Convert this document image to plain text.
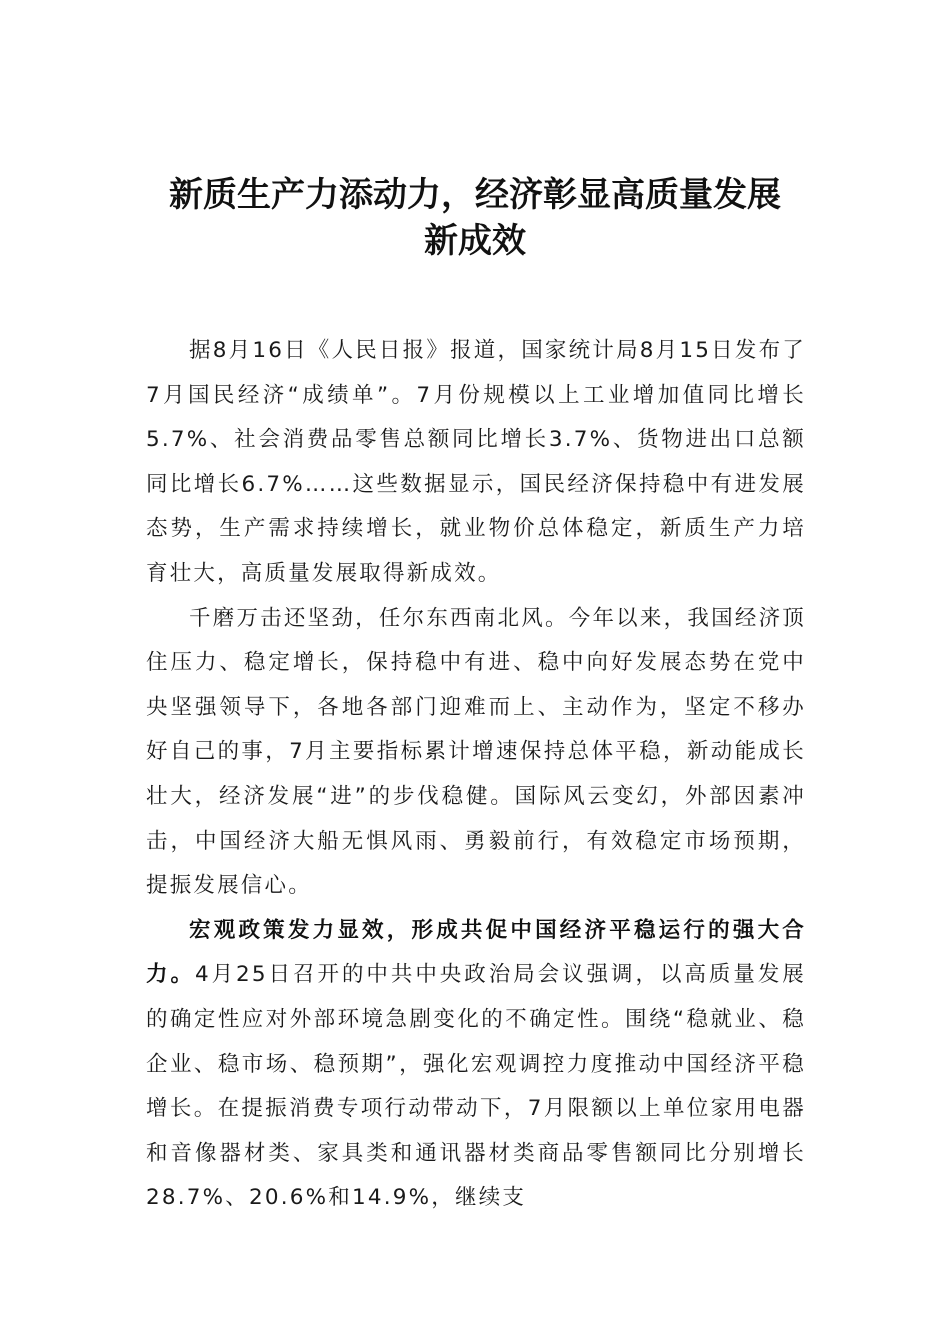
新质生产力添动力，经济彰显高质量发展
新成效

据8月16日《人民日报》报道，国家统计局8月15日发布了7月国民经济“成绩单”。7月份规模以上工业增加值同比增长5.7%、社会消费品零售总额同比增长3.7%、货物进出口总额同比增长6.7%……这些数据显示，国民经济保持稳中有进发展态势，生产需求持续增长，就业物价总体稳定，新质生产力培育壮大，高质量发展取得新成效。

千磨万击还坚劲，任尔东西南北风。今年以来，我国经济顶住压力、稳定增长，保持稳中有进、稳中向好发展态势在党中央坚强领导下，各地各部门迎难而上、主动作为，坚定不移办好自己的事，7月主要指标累计增速保持总体平稳，新动能成长壮大，经济发展“进”的步伐稳健。国际风云变幻，外部因素冲击，中国经济大船无惧风雨、勇毅前行，有效稳定市场预期，提振发展信心。

宏观政策发力显效，形成共促中国经济平稳运行的强大合力。4月25日召开的中共中央政治局会议强调，以高质量发展的确定性应对外部环境急剧变化的不确定性。围绕“稳就业、稳企业、稳市场、稳预期”，强化宏观调控力度推动中国经济平稳增长。在提振消费专项行动带动下，7月限额以上单位家用电器和音像器材类、家具类和通讯器材类商品零售额同比分别增长28.7%、20.6%和14.9%，继续支
